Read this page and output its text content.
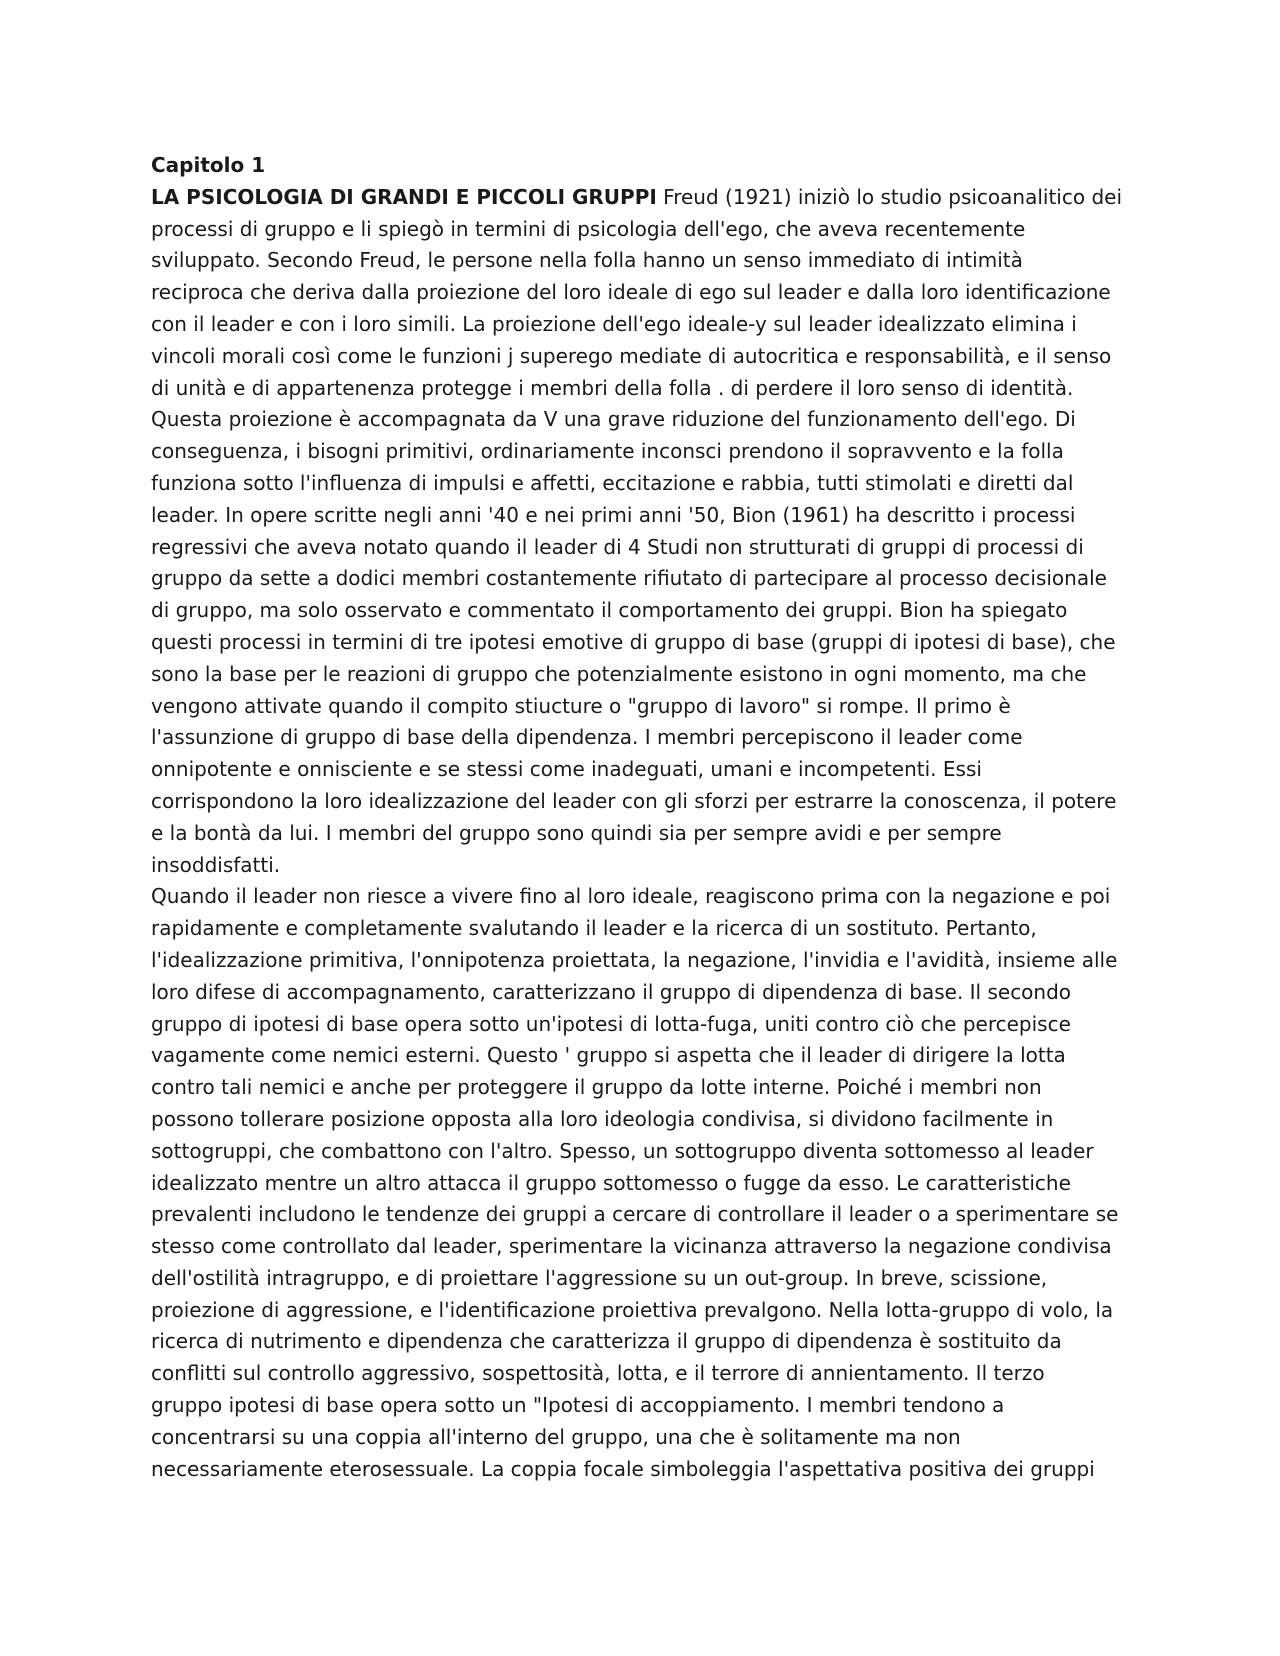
Capitolo 1
LA PSICOLOGIA DI GRANDI E PICCOLI GRUPPI Freud (1921) iniziò lo studio psicoanalitico dei
processi di gruppo e li spiegò in termini di psicologia dell'ego, che aveva recentemente
sviluppato. Secondo Freud, le persone nella folla hanno un senso immediato di intimità
reciproca che deriva dalla proiezione del loro ideale di ego sul leader e dalla loro identificazione
con il leader e con i loro simili. La proiezione dell'ego ideale-y sul leader idealizzato elimina i
vincoli morali così come le funzioni j superego mediate di autocritica e responsabilità, e il senso
di unità e di appartenenza protegge i membri della folla . di perdere il loro senso di identità.
Questa proiezione è accompagnata da V una grave riduzione del funzionamento dell'ego. Di
conseguenza, i bisogni primitivi, ordinariamente inconsci prendono il sopravvento e la folla
funziona sotto l'influenza di impulsi e affetti, eccitazione e rabbia, tutti stimolati e diretti dal
leader. In opere scritte negli anni '40 e nei primi anni '50, Bion (1961) ha descritto i processi
regressivi che aveva notato quando il leader di 4 Studi non strutturati di gruppi di processi di
gruppo da sette a dodici membri costantemente rifiutato di partecipare al processo decisionale
di gruppo, ma solo osservato e commentato il comportamento dei gruppi. Bion ha spiegato
questi processi in termini di tre ipotesi emotive di gruppo di base (gruppi di ipotesi di base), che
sono la base per le reazioni di gruppo che potenzialmente esistono in ogni momento, ma che
vengono attivate quando il compito stiucture o "gruppo di lavoro" si rompe. Il primo è
l'assunzione di gruppo di base della dipendenza. I membri percepiscono il leader come
onnipotente e onnisciente e se stessi come inadeguati, umani e incompetenti. Essi
corrispondono la loro idealizzazione del leader con gli sforzi per estrarre la conoscenza, il potere
e la bontà da lui. I membri del gruppo sono quindi sia per sempre avidi e per sempre
insoddisfatti.
Quando il leader non riesce a vivere fino al loro ideale, reagiscono prima con la negazione e poi
rapidamente e completamente svalutando il leader e la ricerca di un sostituto. Pertanto,
l'idealizzazione primitiva, l'onnipotenza proiettata, la negazione, l'invidia e l'avidità, insieme alle
loro difese di accompagnamento, caratterizzano il gruppo di dipendenza di base. Il secondo
gruppo di ipotesi di base opera sotto un'ipotesi di lotta-fuga, uniti contro ciò che percepisce
vagamente come nemici esterni. Questo ' gruppo si aspetta che il leader di dirigere la lotta
contro tali nemici e anche per proteggere il gruppo da lotte interne. Poiché i membri non
possono tollerare posizione opposta alla loro ideologia condivisa, si dividono facilmente in
sottogruppi, che combattono con l'altro. Spesso, un sottogruppo diventa sottomesso al leader
idealizzato mentre un altro attacca il gruppo sottomesso o fugge da esso. Le caratteristiche
prevalenti includono le tendenze dei gruppi a cercare di controllare il leader o a sperimentare se
stesso come controllato dal leader, sperimentare la vicinanza attraverso la negazione condivisa
dell'ostilità intragruppo, e di proiettare l'aggressione su un out-group. In breve, scissione,
proiezione di aggressione, e l'identificazione proiettiva prevalgono. Nella lotta-gruppo di volo, la
ricerca di nutrimento e dipendenza che caratterizza il gruppo di dipendenza è sostituito da
conflitti sul controllo aggressivo, sospettosità, lotta, e il terrore di annientamento. Il terzo
gruppo ipotesi di base opera sotto un "Ipotesi di accoppiamento. I membri tendono a
concentrarsi su una coppia all'interno del gruppo, una che è solitamente ma non
necessariamente eterosessuale. La coppia focale simboleggia l'aspettativa positiva dei gruppi
